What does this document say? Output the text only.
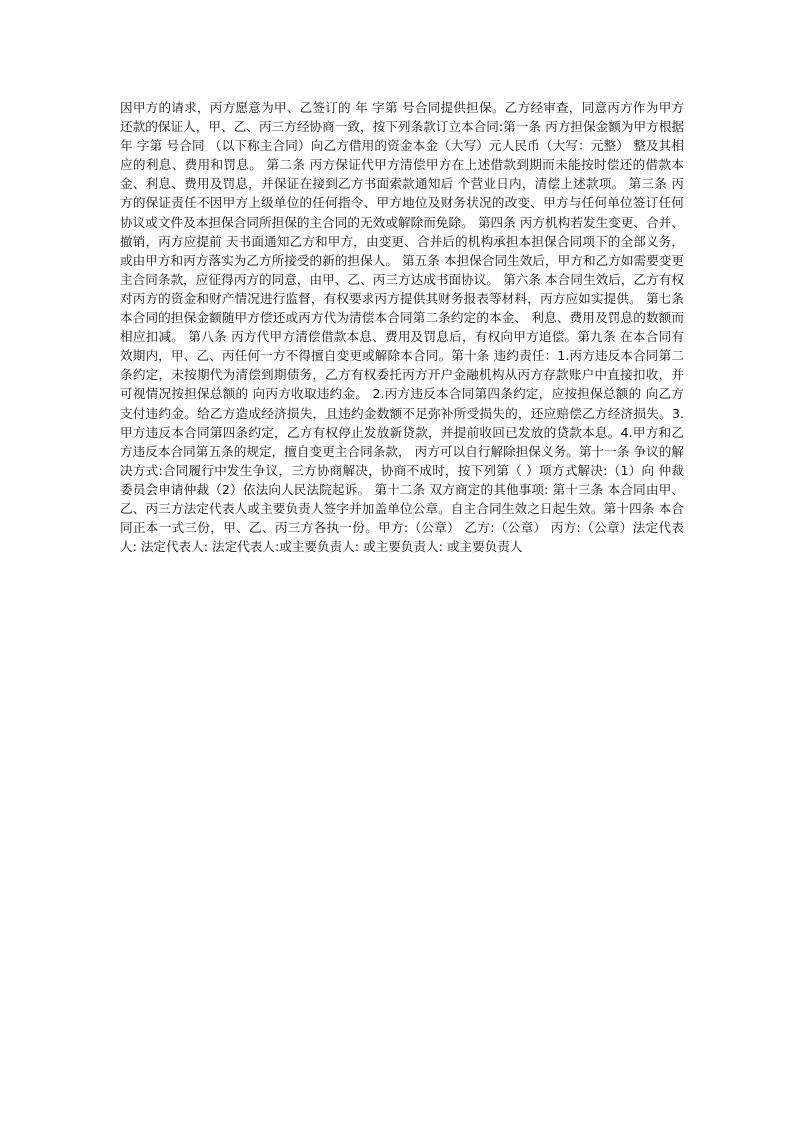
因甲方的请求，丙方愿意为甲、乙签订的 年 字第 号合同提供担保。乙方经审查，同意丙方作为甲方还款的保证人，甲、乙、丙三方经协商一致，按下列条款订立本合同:第一条 丙方担保金额为甲方根据 年 字第 号合同 （以下称主合同）向乙方借用的资金本金（大写）元人民币（大写：元整） 整及其相应的利息、费用和罚息。 第二条 丙方保证代甲方清偿甲方在上述借款到期而未能按时偿还的借款本金、利息、费用及罚息，并保证在接到乙方书面索款通知后 个营业日内，清偿上述款项。 第三条 丙方的保证责任不因甲方上级单位的任何指令、甲方地位及财务状况的改变、甲方与任何单位签订任何协议或文件及本担保合同所担保的主合同的无效或解除而免除。 第四条 丙方机构若发生变更、合并、撤销，丙方应提前 天书面通知乙方和甲方，由变更、合并后的机构承担本担保合同项下的全部义务， 或由甲方和丙方落实为乙方所接受的新的担保人。 第五条 本担保合同生效后，甲方和乙方如需要变更主合同条款，应征得丙方的同意，由甲、乙、丙三方达成书面协议。 第六条 本合同生效后，乙方有权对丙方的资金和财产情况进行监督，有权要求丙方提供其财务报表等材料，丙方应如实提供。 第七条 本合同的担保金额随甲方偿还或丙方代为清偿本合同第二条约定的本金、 利息、费用及罚息的数额而相应扣减。 第八条 丙方代甲方清偿借款本息、费用及罚息后，有权向甲方追偿。第九条 在本合同有效期内，甲、乙、丙任何一方不得擅自变更或解除本合同。第十条 违约责任：1.丙方违反本合同第二条约定，未按期代为清偿到期债务，乙方有权委托丙方开户金融机构从丙方存款账户中直接扣收，并可视情况按担保总额的 向丙方收取违约金。 2.丙方违反本合同第四条约定，应按担保总额的 向乙方支付违约金。给乙方造成经济损失，且违约金数额不足弥补所受损失的，还应赔偿乙方经济损失。3.甲方违反本合同第四条约定，乙方有权停止发放新贷款，并提前收回已发放的贷款本息。4.甲方和乙方违反本合同第五条的规定，擅自变更主合同条款， 丙方可以自行解除担保义务。第十一条 争议的解决方式:合同履行中发生争议，三方协商解决，协商不成时，按下列第（ ）项方式解决:（1）向 仲裁委员会申请仲裁（2）依法向人民法院起诉。 第十二条 双方商定的其他事项: 第十三条 本合同由甲、乙、丙三方法定代表人或主要负责人签字并加盖单位公章。自主合同生效之日起生效。第十四条 本合同正本一式三份，甲、乙、丙三方各执一份。甲方:（公章） 乙方:（公章） 丙方:（公章）法定代表人: 法定代表人: 法定代表人:或主要负责人: 或主要负责人: 或主要负责人
